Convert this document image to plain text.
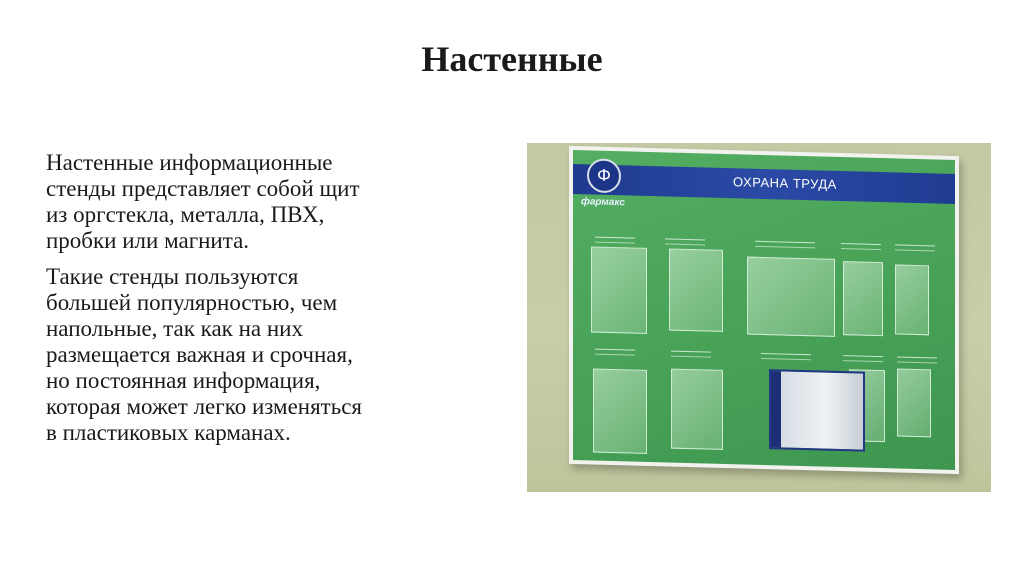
Настенные

Настенные информационные
стенды представляет собой щит
из оргстекла, металла, ПВХ,
пробки или магнита.

Такие стенды пользуются
большей популярностью, чем
напольные, так как на них
размещается важная и срочная,
но постоянная информация,
которая может легко изменяться
в пластиковых карманах.

ОХРАНА ТРУДА
Ф
фармакс
